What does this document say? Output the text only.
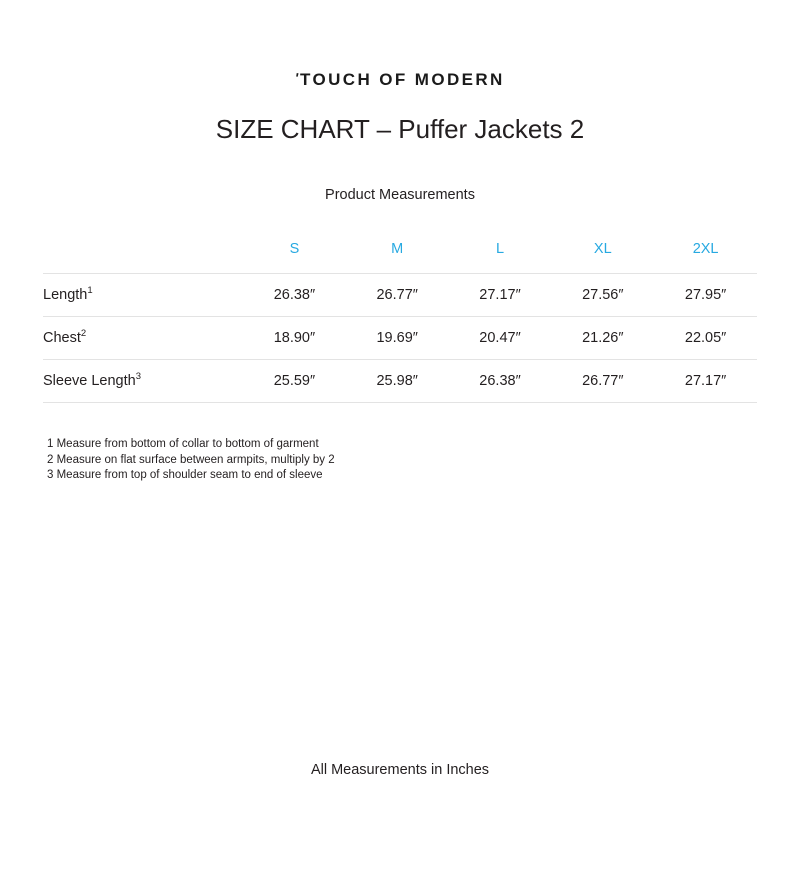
'TOUCH OF MODERN
SIZE CHART – Puffer Jackets 2
Product Measurements
	S	M	L	XL	2XL
Length$^1$	26.38″	26.77″	27.17″	27.56″	27.95″
Chest$^2$	18.90″	19.69″	20.47″	21.26″	22.05″
Sleeve Length$^3$	25.59″	25.98″	26.38″	26.77″	27.17″
1 Measure from bottom of collar to bottom of garment
2 Measure on flat surface between armpits, multiply by 2
3 Measure from top of shoulder seam to end of sleeve
All Measurements in Inches
